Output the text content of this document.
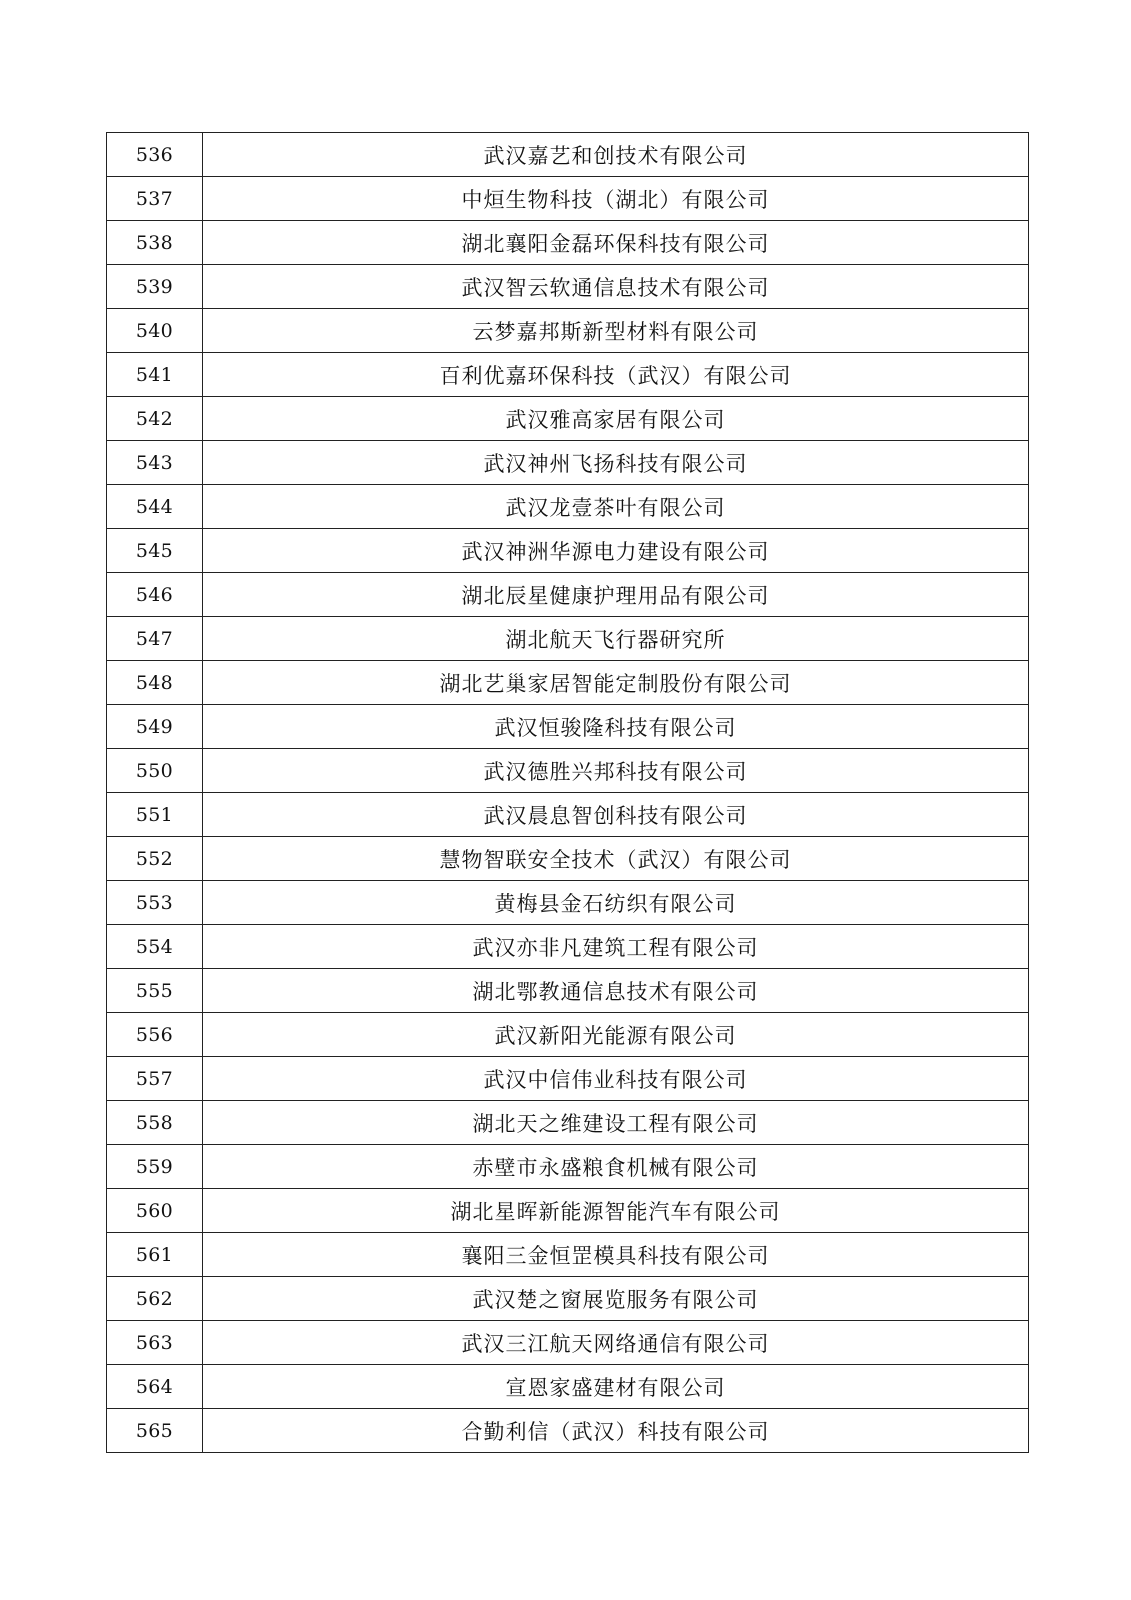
536	武汉嘉艺和创技术有限公司
537	中烜生物科技（湖北）有限公司
538	湖北襄阳金磊环保科技有限公司
539	武汉智云软通信息技术有限公司
540	云梦嘉邦斯新型材料有限公司
541	百利优嘉环保科技（武汉）有限公司
542	武汉雅高家居有限公司
543	武汉神州飞扬科技有限公司
544	武汉龙壹茶叶有限公司
545	武汉神洲华源电力建设有限公司
546	湖北辰星健康护理用品有限公司
547	湖北航天飞行器研究所
548	湖北艺巢家居智能定制股份有限公司
549	武汉恒骏隆科技有限公司
550	武汉德胜兴邦科技有限公司
551	武汉晨息智创科技有限公司
552	慧物智联安全技术（武汉）有限公司
553	黄梅县金石纺织有限公司
554	武汉亦非凡建筑工程有限公司
555	湖北鄂教通信息技术有限公司
556	武汉新阳光能源有限公司
557	武汉中信伟业科技有限公司
558	湖北天之维建设工程有限公司
559	赤壁市永盛粮食机械有限公司
560	湖北星晖新能源智能汽车有限公司
561	襄阳三金恒罡模具科技有限公司
562	武汉楚之窗展览服务有限公司
563	武汉三江航天网络通信有限公司
564	宣恩家盛建材有限公司
565	合勤利信（武汉）科技有限公司
